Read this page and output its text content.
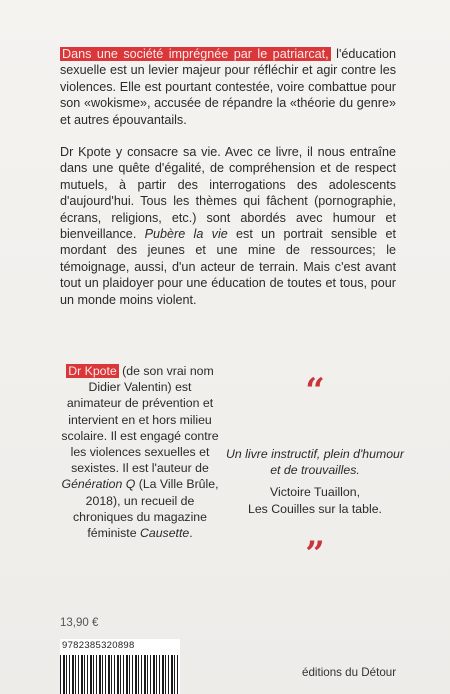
Dans une société imprégnée par le patriarcat, l'éducation sexuelle est un levier majeur pour réfléchir et agir contre les violences. Elle est pourtant contestée, voire combattue pour son «wokisme», accusée de répandre la «théorie du genre» et autres épouvantails.

Dr Kpote y consacre sa vie. Avec ce livre, il nous entraîne dans une quête d'égalité, de compréhension et de respect mutuels, à partir des interrogations des adolescents d'aujourd'hui. Tous les thèmes qui fâchent (pornographie, écrans, religions, etc.) sont abordés avec humour et bienveillance. Pubère la vie est un portrait sensible et mordant des jeunes et une mine de ressources; le témoignage, aussi, d'un acteur de terrain. Mais c'est avant tout un plaidoyer pour une éducation de toutes et tous, pour un monde moins violent.

Dr Kpote (de son vrai nom Didier Valentin) est animateur de prévention et intervient en et hors milieu scolaire. Il est engagé contre les violences sexuelles et sexistes. Il est l'auteur de Génération Q (La Ville Brûle, 2018), un recueil de chroniques du magazine féministe Causette.
“
Un livre instructif, plein d'humour et de trouvailles.
Victoire Tuaillon,
Les Couilles sur la table.
”
13,90 €
9782385320898
éditions du Détour
